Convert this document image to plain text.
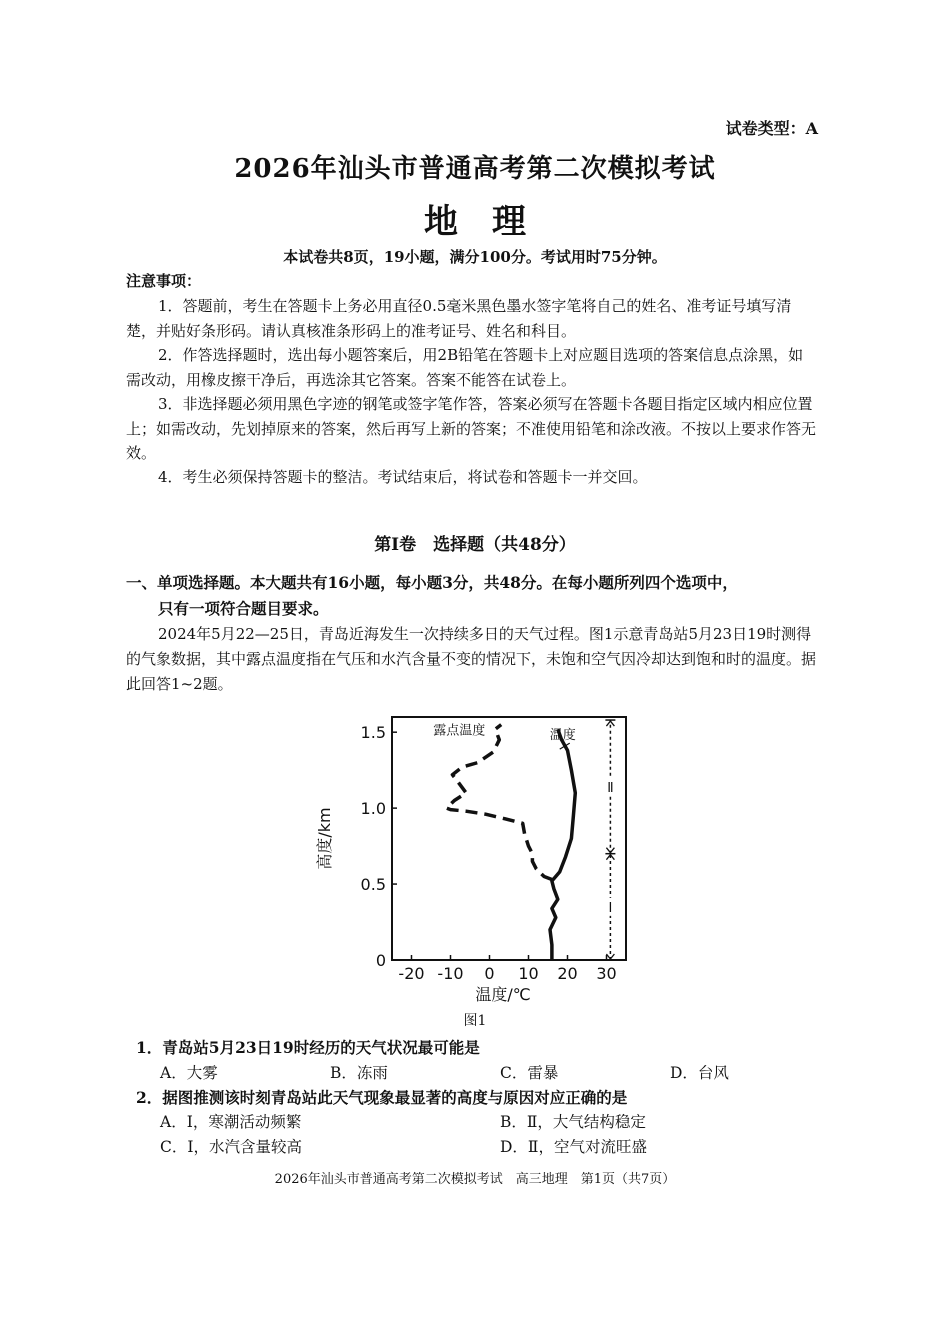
试卷类型：A
2026年汕头市普通高考第二次模拟考试
地理
本试卷共8页，19小题，满分100分。考试用时75分钟。
注意事项：

1．答题前，考生在答题卡上务必用直径0.5毫米黑色墨水签字笔将自己的姓名、准考证号填写清楚，并贴好条形码。请认真核准条形码上的准考证号、姓名和科目。

2．作答选择题时，选出每小题答案后，用2B铅笔在答题卡上对应题目选项的答案信息点涂黑，如需改动，用橡皮擦干净后，再选涂其它答案。答案不能答在试卷上。

3．非选择题必须用黑色字迹的钢笔或签字笔作答，答案必须写在答题卡各题目指定区域内相应位置上；如需改动，先划掉原来的答案，然后再写上新的答案；不准使用铅笔和涂改液。不按以上要求作答无效。

4．考生必须保持答题卡的整洁。考试结束后，将试卷和答题卡一并交回。

第Ⅰ卷　选择题（共48分）
一、单项选择题。本大题共有16小题，每小题3分，共48分。在每小题所列四个选项中，
只有一项符合题目要求。

2024年5月22—25日，青岛近海发生一次持续多日的天气过程。图1示意青岛站5月23日19时测得的气象数据，其中露点温度指在气压和水汽含量不变的情况下，未饱和空气因冷却达到饱和时的温度。据此回答1~2题。

-20 -10 0 10 20 30
0
0.5
1.0
1.5
温度/℃
高度/km
温度
露点温度
Ⅰ
Ⅱ
图1
1．青岛站5月23日19时经历的天气状况最可能是
A．大雾	B．冻雨	C．雷暴	D．台风
2．据图推测该时刻青岛站此天气现象最显著的高度与原因对应正确的是
A．Ⅰ，寒潮活动频繁	B．Ⅱ，大气结构稳定
C．Ⅰ，水汽含量较高	D．Ⅱ，空气对流旺盛
2026年汕头市普通高考第二次模拟考试　高三地理　第1页（共7页）
